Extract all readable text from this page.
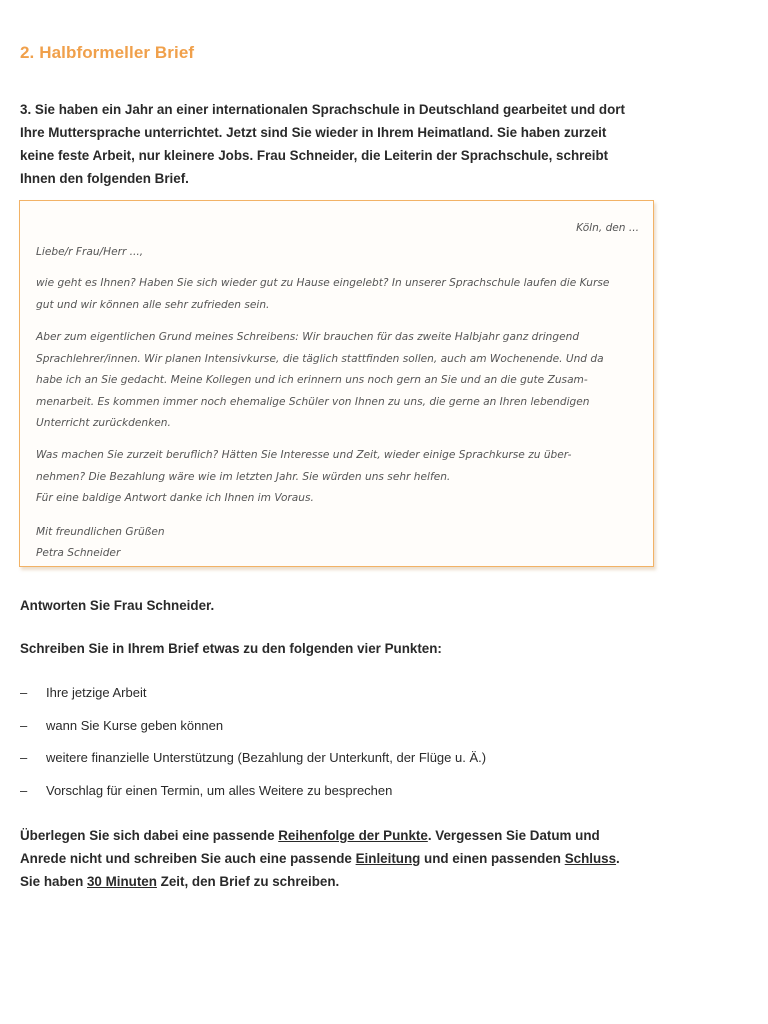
2. Halbformeller Brief
3. Sie haben ein Jahr an einer internationalen Sprachschule in Deutschland gearbeitet und dort
Ihre Muttersprache unterrichtet. Jetzt sind Sie wieder in Ihrem Heimatland. Sie haben zurzeit
keine feste Arbeit, nur kleinere Jobs. Frau Schneider, die Leiterin der Sprachschule, schreibt
Ihnen den folgenden Brief.
Köln, den ...
Liebe/r Frau/Herr ...,
wie geht es Ihnen? Haben Sie sich wieder gut zu Hause eingelebt? In unserer Sprachschule laufen die Kurse
gut und wir können alle sehr zufrieden sein.
Aber zum eigentlichen Grund meines Schreibens: Wir brauchen für das zweite Halbjahr ganz dringend
Sprachlehrer/innen. Wir planen Intensivkurse, die täglich stattfinden sollen, auch am Wochenende. Und da
habe ich an Sie gedacht. Meine Kollegen und ich erinnern uns noch gern an Sie und an die gute Zusam-
menarbeit. Es kommen immer noch ehemalige Schüler von Ihnen zu uns, die gerne an Ihren lebendigen
Unterricht zurückdenken.
Was machen Sie zurzeit beruflich? Hätten Sie Interesse und Zeit, wieder einige Sprachkurse zu über-
nehmen? Die Bezahlung wäre wie im letzten Jahr. Sie würden uns sehr helfen.
Für eine baldige Antwort danke ich Ihnen im Voraus.
Mit freundlichen Grüßen
Petra Schneider
Antworten Sie Frau Schneider.
Schreiben Sie in Ihrem Brief etwas zu den folgenden vier Punkten:
– Ihre jetzige Arbeit
– wann Sie Kurse geben können
– weitere finanzielle Unterstützung (Bezahlung der Unterkunft, der Flüge u. Ä.)
– Vorschlag für einen Termin, um alles Weitere zu besprechen
Überlegen Sie sich dabei eine passende Reihenfolge der Punkte. Vergessen Sie Datum und
Anrede nicht und schreiben Sie auch eine passende Einleitung und einen passenden Schluss.
Sie haben 30 Minuten Zeit, den Brief zu schreiben.
